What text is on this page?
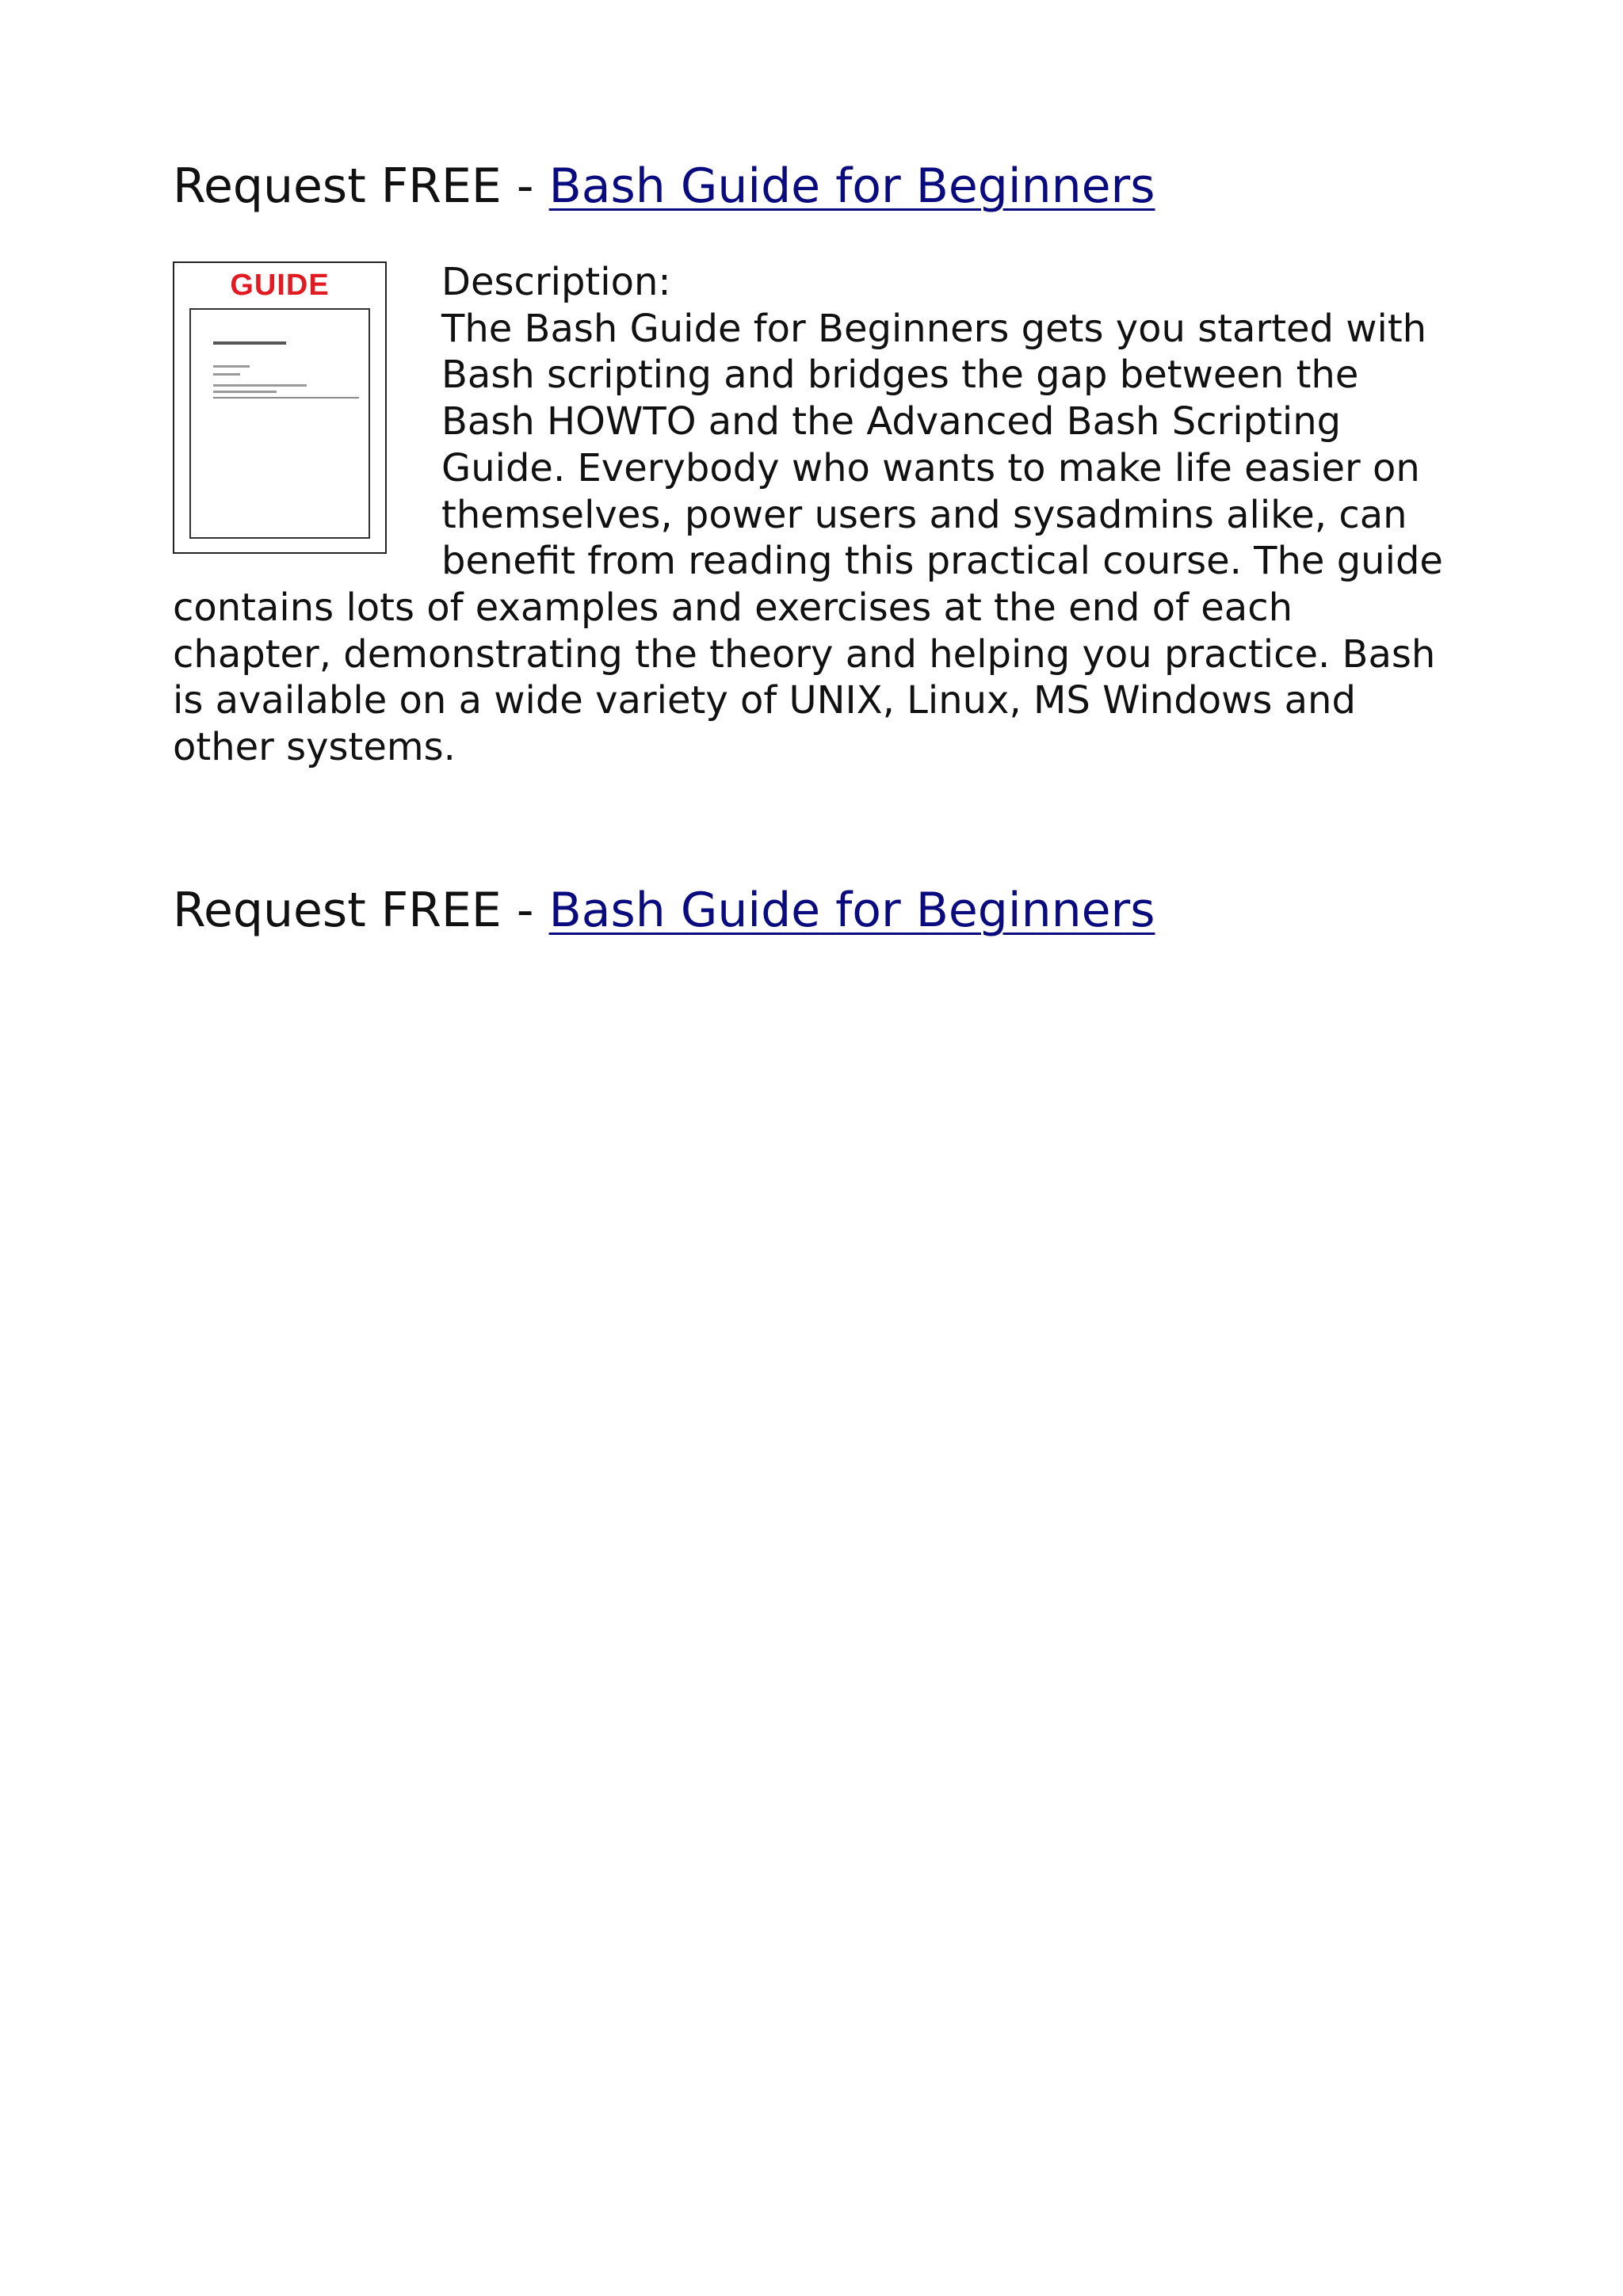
Request FREE - Bash Guide for Beginners
GUIDE	Description:
The Bash Guide for Beginners gets you started with Bash scripting and bridges the gap between the Bash HOWTO and the Advanced Bash Scripting Guide. Everybody who wants to make life easier on themselves, power users and sysadmins alike, can benefit from reading this practical course. The guide contains lots of examples and exercises at the end of each chapter, demonstrating the theory and helping you practice. Bash is available on a wide variety of UNIX, Linux, MS Windows and other systems.
Request FREE - Bash Guide for Beginners
